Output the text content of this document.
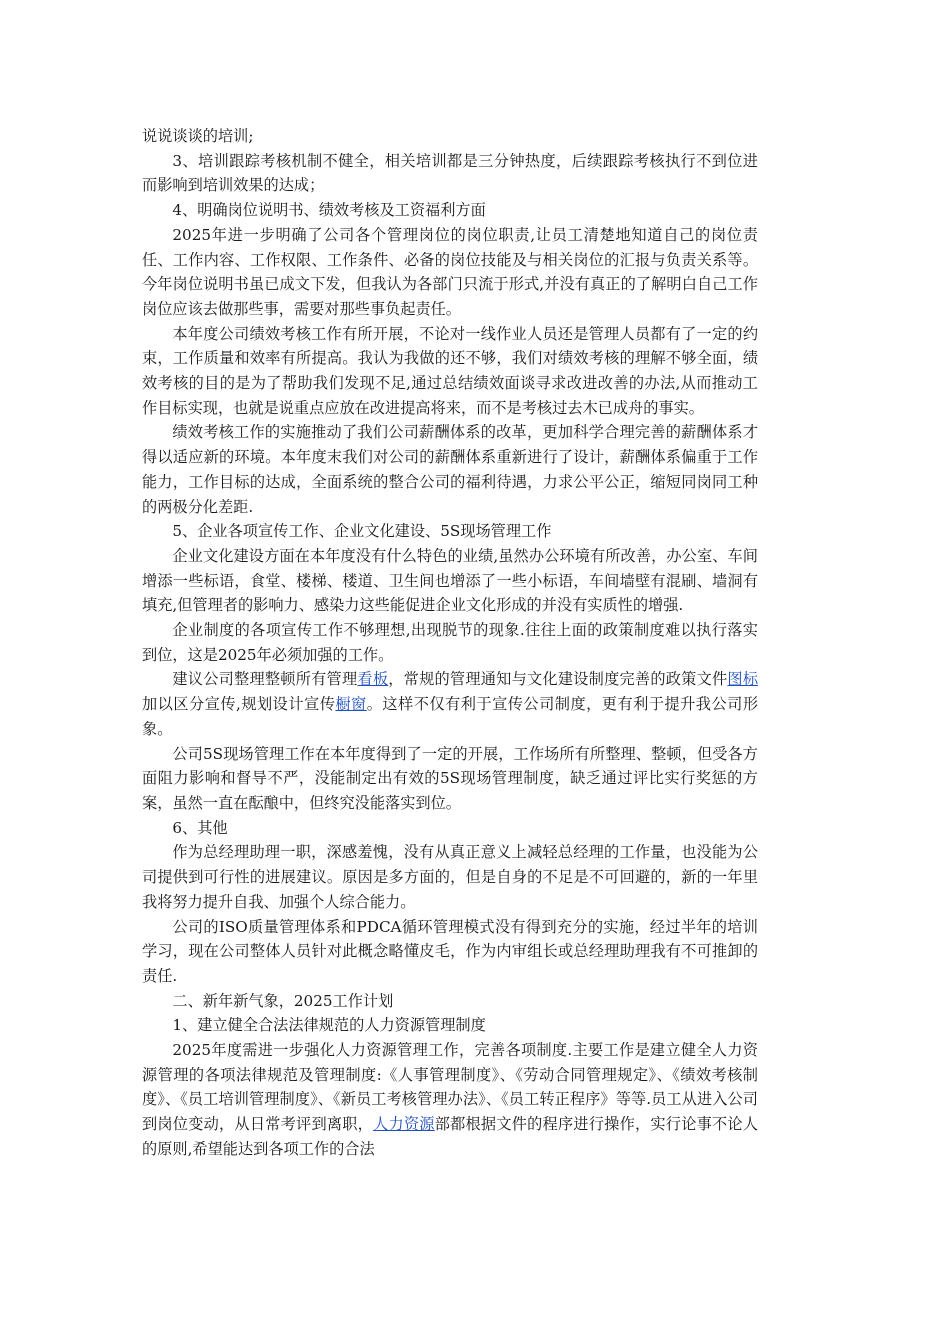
说说谈谈的培训;

3、培训跟踪考核机制不健全，相关培训都是三分钟热度，后续跟踪考核执行不到位进而影响到培训效果的达成；

4、明确岗位说明书、绩效考核及工资福利方面

2025年进一步明确了公司各个管理岗位的岗位职责,让员工清楚地知道自己的岗位责任、工作内容、工作权限、工作条件、必备的岗位技能及与相关岗位的汇报与负责关系等。今年岗位说明书虽已成文下发，但我认为各部门只流于形式,并没有真正的了解明白自己工作岗位应该去做那些事，需要对那些事负起责任。

本年度公司绩效考核工作有所开展，不论对一线作业人员还是管理人员都有了一定的约束，工作质量和效率有所提高。我认为我做的还不够，我们对绩效考核的理解不够全面，绩效考核的目的是为了帮助我们发现不足,通过总结绩效面谈寻求改进改善的办法,从而推动工作目标实现，也就是说重点应放在改进提高将来，而不是考核过去木已成舟的事实。

绩效考核工作的实施推动了我们公司薪酬体系的改革，更加科学合理完善的薪酬体系才得以适应新的环境。本年度末我们对公司的薪酬体系重新进行了设计，薪酬体系偏重于工作能力，工作目标的达成，全面系统的整合公司的福利待遇，力求公平公正，缩短同岗同工种的两极分化差距.

5、企业各项宣传工作、企业文化建设、5S现场管理工作

企业文化建设方面在本年度没有什么特色的业绩,虽然办公环境有所改善，办公室、车间增添一些标语，食堂、楼梯、楼道、卫生间也增添了一些小标语，车间墙壁有混刷、墙洞有填充,但管理者的影响力、感染力这些能促进企业文化形成的并没有实质性的增强.

企业制度的各项宣传工作不够理想,出现脱节的现象.往往上面的政策制度难以执行落实到位，这是2025年必须加强的工作。

建议公司整理整顿所有管理看板，常规的管理通知与文化建设制度完善的政策文件图标加以区分宣传,规划设计宣传橱窗。这样不仅有利于宣传公司制度，更有利于提升我公司形象。

公司5S现场管理工作在本年度得到了一定的开展，工作场所有所整理、整顿，但受各方面阻力影响和督导不严，没能制定出有效的5S现场管理制度，缺乏通过评比实行奖惩的方案，虽然一直在酝酿中，但终究没能落实到位。

6、其他

作为总经理助理一职，深感羞愧，没有从真正意义上减轻总经理的工作量，也没能为公司提供到可行性的进展建议。原因是多方面的，但是自身的不足是不可回避的，新的一年里我将努力提升自我、加强个人综合能力。

公司的ISO质量管理体系和PDCA循环管理模式没有得到充分的实施，经过半年的培训学习，现在公司整体人员针对此概念略懂皮毛，作为内审组长或总经理助理我有不可推卸的责任.

二、新年新气象，2025工作计划

1、建立健全合法法律规范的人力资源管理制度

2025年度需进一步强化人力资源管理工作，完善各项制度.主要工作是建立健全人力资源管理的各项法律规范及管理制度:《人事管理制度》、《劳动合同管理规定》、《绩效考核制度》、《员工培训管理制度》、《新员工考核管理办法》、《员工转正程序》等等.员工从进入公司到岗位变动，从日常考评到离职，人力资源部都根据文件的程序进行操作，实行论事不论人的原则,希望能达到各项工作的合法
